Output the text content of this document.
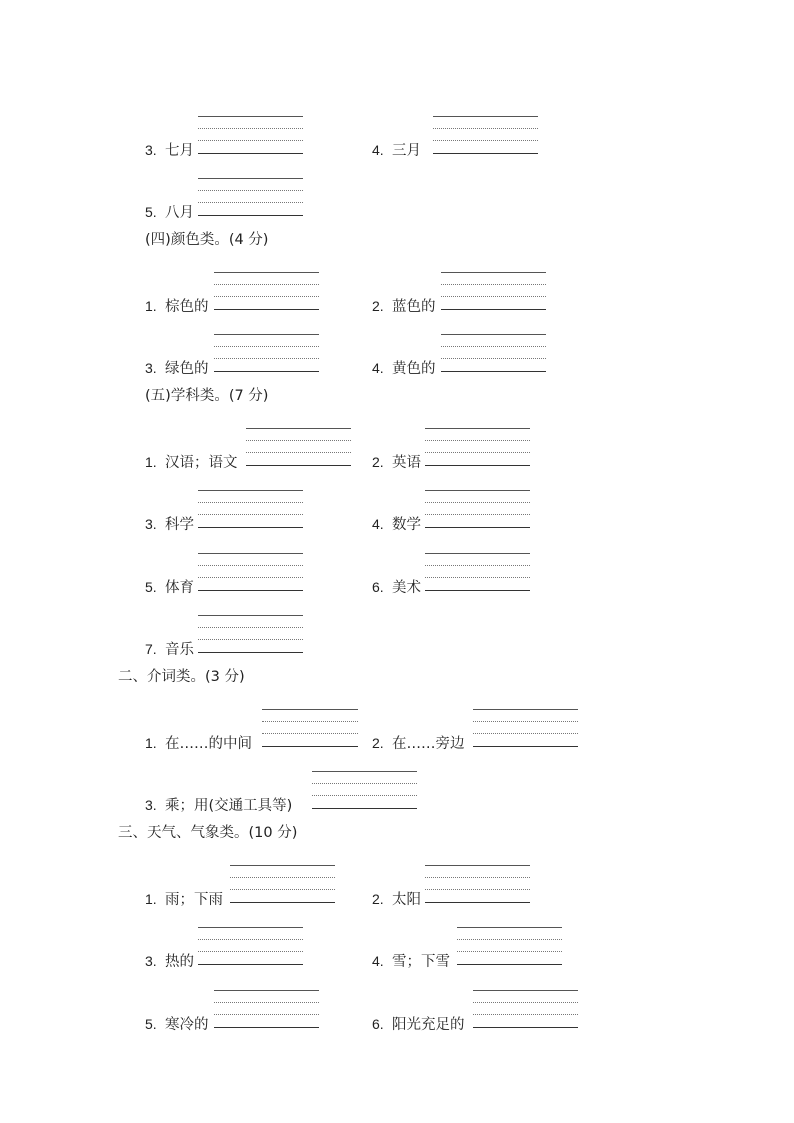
3. 七月	4. 三月
5. 八月
(四)颜色类。(4 分)
1. 棕色的	2. 蓝色的
3. 绿色的	4. 黄色的
(五)学科类。(7 分)
1. 汉语；语文	2. 英语
3. 科学	4. 数学
5. 体育	6. 美术
7. 音乐
二、介词类。(3 分)
1. 在……的中间	2. 在……旁边
3. 乘；用(交通工具等)
三、天气、气象类。(10 分)
1. 雨；下雨	2. 太阳
3. 热的	4. 雪；下雪
5. 寒冷的	6. 阳光充足的
